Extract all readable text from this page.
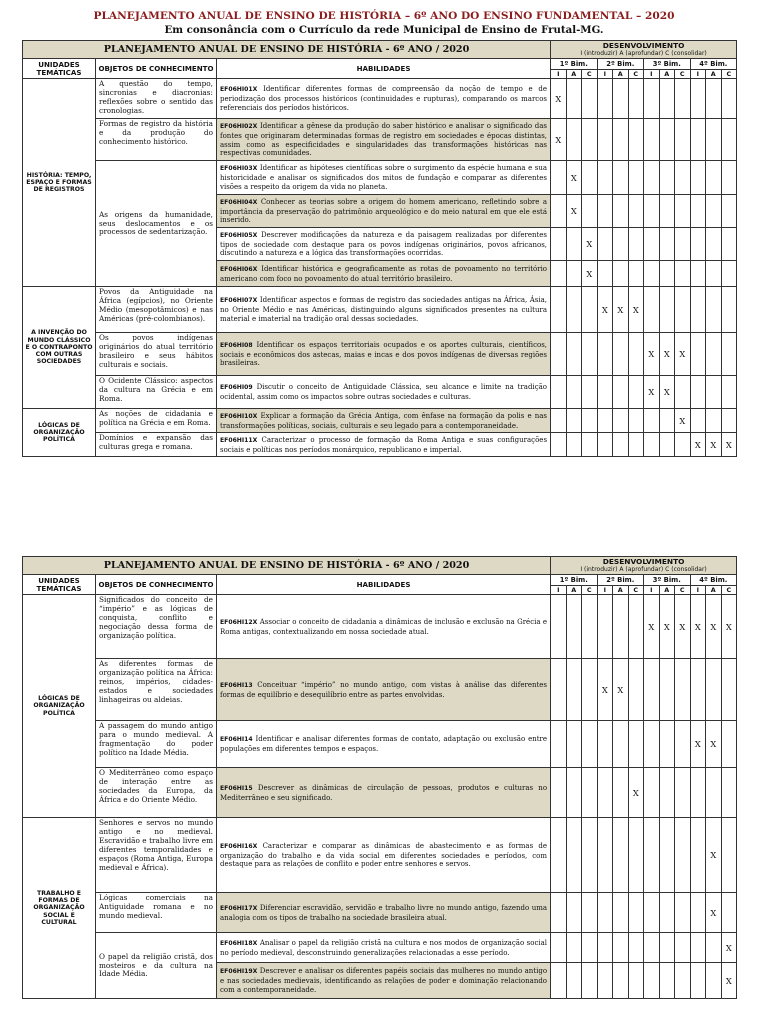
PLANEJAMENTO ANUAL DE ENSINO DE HISTÓRIA – 6º ANO DO ENSINO FUNDAMENTAL – 2020
Em consonância com o Currículo da rede Municipal de Ensino de Frutal-MG.
PLANEJAMENTO ANUAL DE ENSINO DE HISTÓRIA - 6º ANO / 2020			DESENVOLVIMENTO
I (introduzir) A (aprofundar) C (consolidar)											

UNIDADES TEMÁTICAS	OBJETOS DE CONHECIMENTO	HABILIDADES	1º Bim.			2º Bim.			3º Bim.			4º Bim.		
			I	A	C	I	A	C	I	A	C	I	A	C
HISTÓRIA: TEMPO, ESPAÇO E FORMAS DE REGISTROS	A questão do tempo, sincronias e diacronias: reflexões sobre o sentido das cronologias.	EF06HI01X Identificar diferentes formas de compreensão da noção de tempo e de periodização dos processos históricos (continuidades e rupturas), comparando os marcos referenciais dos períodos históricos.	X											
	Formas de registro da história e da produção do conhecimento histórico.	EF06HI02X Identificar a gênese da produção do saber histórico e analisar o significado das fontes que originaram determinadas formas de registro em sociedades e épocas distintas, assim como as especificidades e singularidades das transformações históricas nas respectivas comunidades.	X											
	As origens da humanidade, seus deslocamentos e os processos de sedentarização.	EF06HI03X Identificar as hipóteses científicas sobre o surgimento da espécie humana e sua historicidade e analisar os significados dos mitos de fundação e comparar as diferentes visões a respeito da origem da vida no planeta.		X										
		EF06HI04X Conhecer as teorias sobre a origem do homem americano, refletindo sobre a importância da preservação do patrimônio arqueológico e do meio natural em que ele está inserido.		X										
		EF06HI05X Descrever modificações da natureza e da paisagem realizadas por diferentes tipos de sociedade com destaque para os povos indígenas originários, povos africanos, discutindo a natureza e a lógica das transformações ocorridas.			X									
		EF06HI06X Identificar histórica e geograficamente as rotas de povoamento no território americano com foco no povoamento do atual território brasileiro.			X									
A INVENÇÃO DO MUNDO CLÁSSICO E O CONTRAPONTO COM OUTRAS SOCIEDADES	Povos da Antiguidade na África (egípcios), no Oriente Médio (mesopotâmicos) e nas Américas (pré-colombianos).	EF06HI07X Identificar aspectos e formas de registro das sociedades antigas na África, Ásia, no Oriente Médio e nas Américas, distinguindo alguns significados presentes na cultura material e imaterial na tradição oral dessas sociedades.				X	X	X						
	Os povos indígenas originários do atual território brasileiro e seus hábitos culturais e sociais.	EF06HI08 Identificar os espaços territoriais ocupados e os aportes culturais, científicos, sociais e econômicos dos astecas, maias e incas e dos povos indígenas de diversas regiões brasileiras.							X	X	X			
	O Ocidente Clássico: aspectos da cultura na Grécia e em Roma.	EF06HI09 Discutir o conceito de Antiguidade Clássica, seu alcance e limite na tradição ocidental, assim como os impactos sobre outras sociedades e culturas.							X	X				
LÓGICAS DE ORGANIZAÇÃO POLÍTICA	As noções de cidadania e política na Grécia e em Roma.	EF06HI10X Explicar a formação da Grécia Antiga, com ênfase na formação da polis e nas transformações políticas, sociais, culturais e seu legado para a contemporaneidade.									X			
	Domínios e expansão das culturas grega e romana.	EF06HI11X Caracterizar o processo de formação da Roma Antiga e suas configurações sociais e políticas nos períodos monárquico, republicano e imperial.										X	X	X
PLANEJAMENTO ANUAL DE ENSINO DE HISTÓRIA - 6º ANO / 2020			DESENVOLVIMENTO
I (introduzir) A (aprofundar) C (consolidar)											

UNIDADES TEMÁTICAS	OBJETOS DE CONHECIMENTO	HABILIDADES	1º Bim.			2º Bim.			3º Bim.			4º Bim.		
			I	A	C	I	A	C	I	A	C	I	A	C
LÓGICAS DE ORGANIZAÇÃO POLÍTICA	Significados do conceito de “império” e as lógicas de conquista, conflito e negociação dessa forma de organização política.	EF06HI12X Associar o conceito de cidadania a dinâmicas de inclusão e exclusão na Grécia e Roma antigas, contextualizando em nossa sociedade atual.							X	X	X	X	X	X
	As diferentes formas de organização política na África: reinos, impérios, cidades-estados e sociedades linhageiras ou aldeias.	EF06HI13 Conceituar “império” no mundo antigo, com vistas à análise das diferentes formas de equilíbrio e desequilíbrio entre as partes envolvidas.				X	X							
	A passagem do mundo antigo para o mundo medieval. A fragmentação do poder político na Idade Média.	EF06HI14 Identificar e analisar diferentes formas de contato, adaptação ou exclusão entre populações em diferentes tempos e espaços.										X	X	
	O Mediterrâneo como espaço de interação entre as sociedades da Europa, da África e do Oriente Médio.	EF06HI15 Descrever as dinâmicas de circulação de pessoas, produtos e culturas no Mediterrâneo e seu significado.						X						
TRABALHO E FORMAS DE ORGANIZAÇÃO SOCIAL E CULTURAL	Senhores e servos no mundo antigo e no medieval. Escravidão e trabalho livre em diferentes temporalidades e espaços (Roma Antiga, Europa medieval e África).	EF06HI16X Caracterizar e comparar as dinâmicas de abastecimento e as formas de organização do trabalho e da vida social em diferentes sociedades e períodos, com destaque para as relações de conflito e poder entre senhores e servos.											X	
	Lógicas comerciais na Antiguidade romana e no mundo medieval.	EF06HI17X Diferenciar escravidão, servidão e trabalho livre no mundo antigo, fazendo uma analogia com os tipos de trabalho na sociedade brasileira atual.											X	
	O papel da religião cristã, dos mosteiros e da cultura na Idade Média.	EF06HI18X Analisar o papel da religião cristã na cultura e nos modos de organização social no período medieval, desconstruindo generalizações relacionadas a esse período.												X
		EF06HI19X Descrever e analisar os diferentes papéis sociais das mulheres no mundo antigo e nas sociedades medievais, identificando as relações de poder e dominação relacionando com a contemporaneidade.												X
